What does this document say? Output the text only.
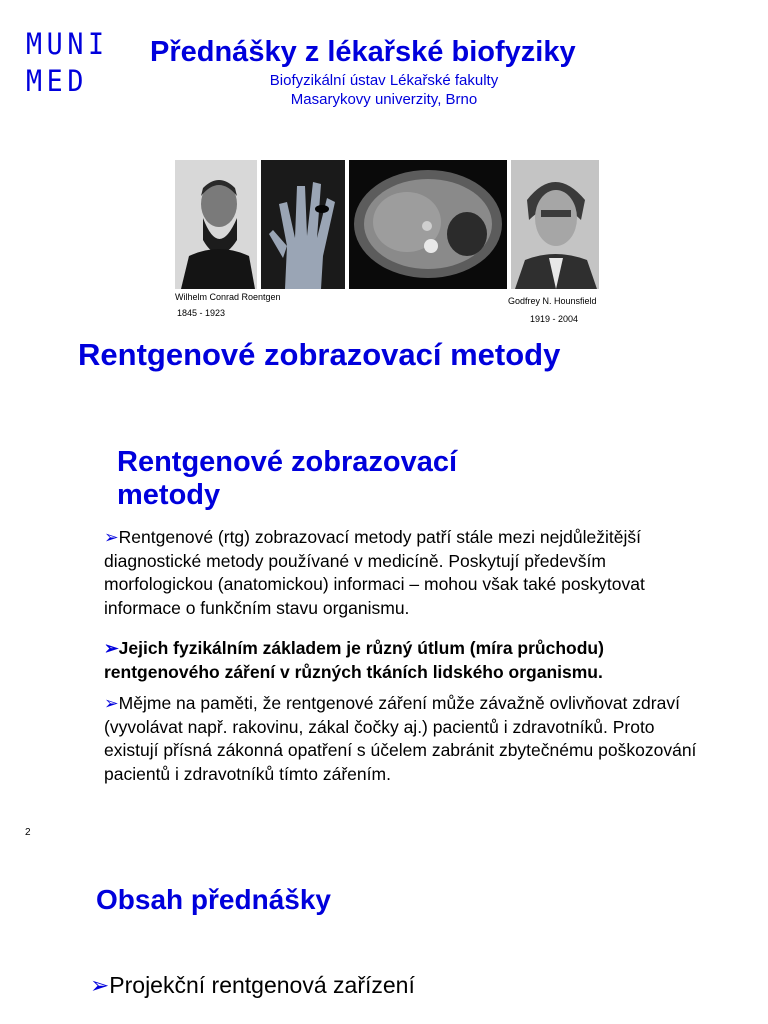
MUNI
MED
Přednášky z lékařské biofyziky
Biofyzikální ústav Lékařské fakulty
Masarykovy univerzity, Brno
Wilhelm Conrad Roentgen
1845 - 1923
Godfrey N. Hounsfield
1919 - 2004
Rentgenové zobrazovací metody
Rentgenové zobrazovací metody
➢Rentgenové (rtg) zobrazovací metody patří stále mezi nejdůležitější diagnostické metody používané v medicíně. Poskytují především morfologickou (anatomickou) informaci – mohou však také poskytovat informace o funkčním stavu organismu.
➢Jejich fyzikálním základem je různý útlum (míra průchodu) rentgenového záření v různých tkáních lidského organismu.
➢Mějme na paměti, že rentgenové záření může závažně ovlivňovat zdraví (vyvolávat např. rakovinu, zákal čočky aj.) pacientů i zdravotníků. Proto existují přísná zákonná opatření s účelem zabránit zbytečnému poškozování pacientů i zdravotníků tímto zářením.
2
Obsah přednášky
➢Projekční rentgenová zařízení
